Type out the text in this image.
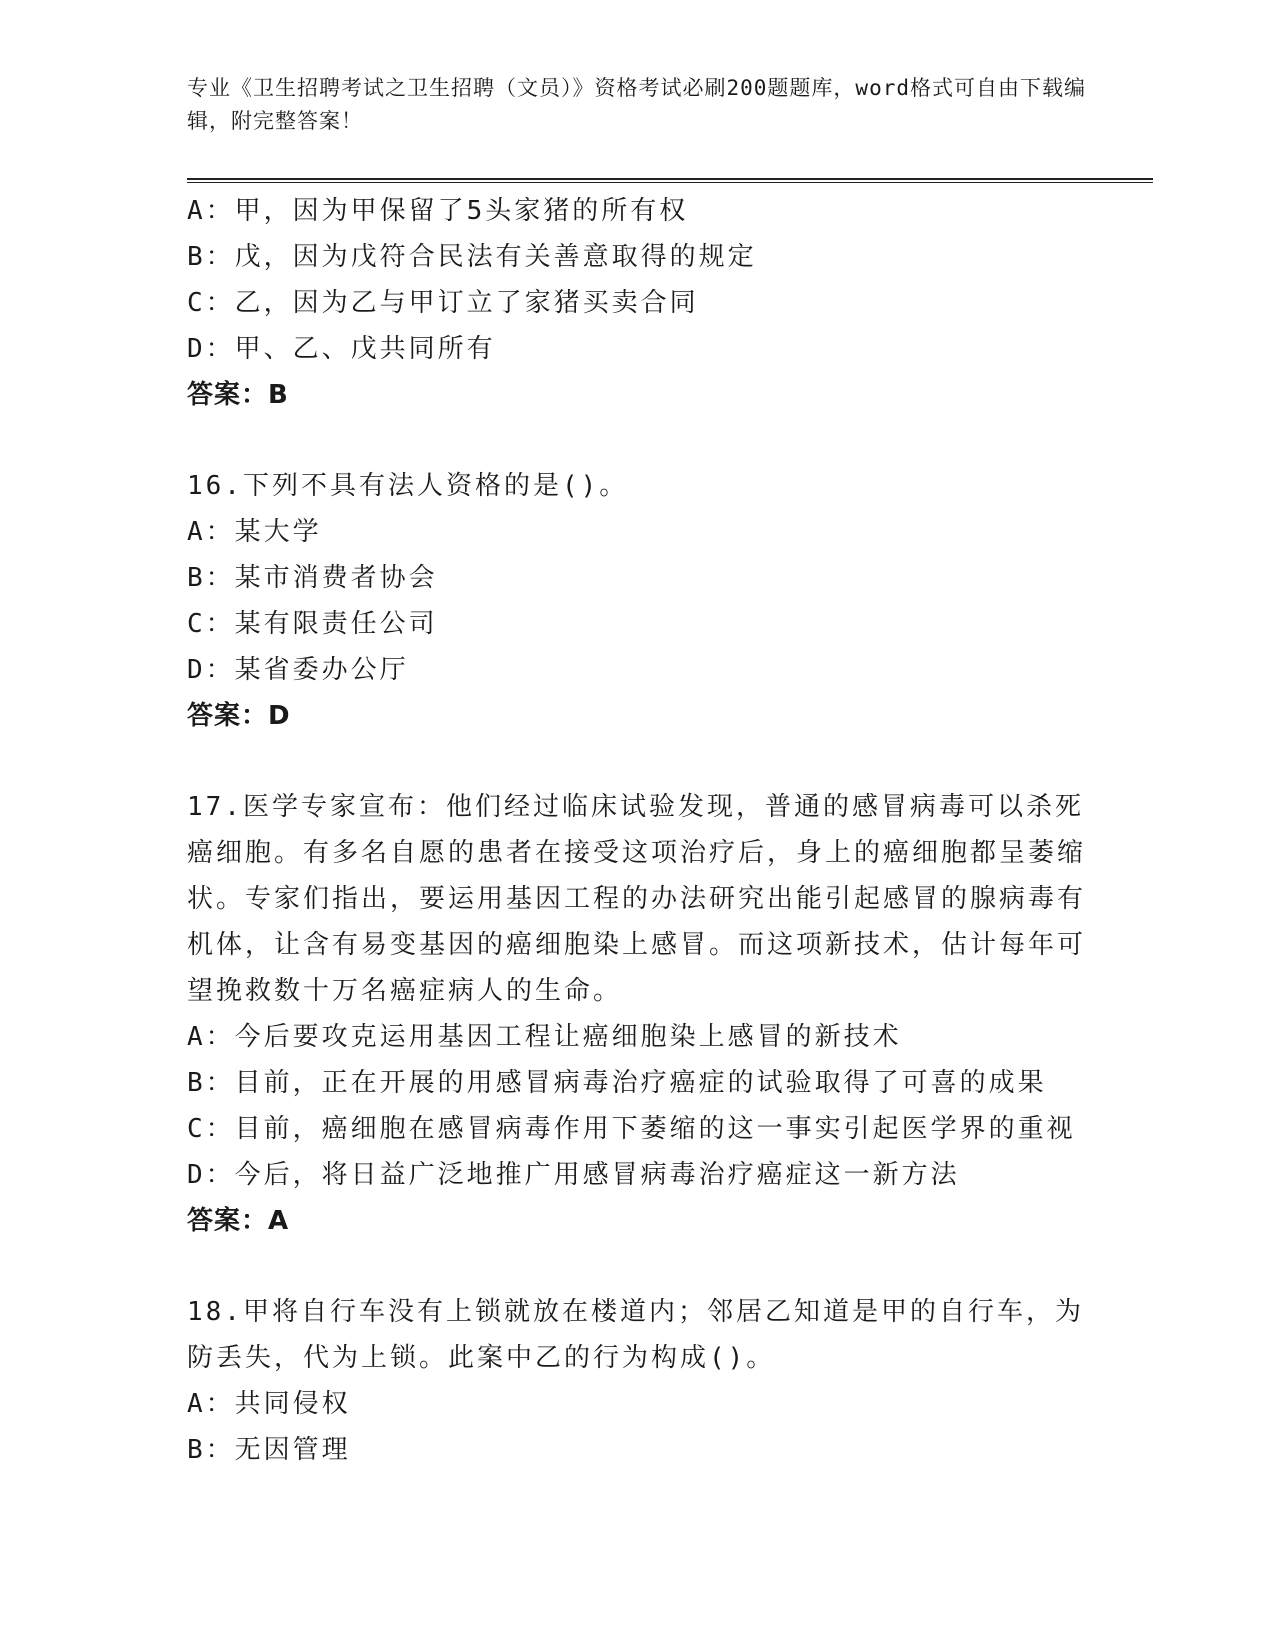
专业《卫生招聘考试之卫生招聘（文员）》资格考试必刷200题题库，word格式可自由下载编辑，附完整答案！
A：甲，因为甲保留了5头家猪的所有权
B：戊，因为戊符合民法有关善意取得的规定
C：乙，因为乙与甲订立了家猪买卖合同
D：甲、乙、戊共同所有
答案：B
16.下列不具有法人资格的是()。
A：某大学
B：某市消费者协会
C：某有限责任公司
D：某省委办公厅
答案：D
17.医学专家宣布：他们经过临床试验发现，普通的感冒病毒可以杀死癌细胞。有多名自愿的患者在接受这项治疗后，身上的癌细胞都呈萎缩状。专家们指出，要运用基因工程的办法研究出能引起感冒的腺病毒有机体，让含有易变基因的癌细胞染上感冒。而这项新技术，估计每年可望挽救数十万名癌症病人的生命。
A：今后要攻克运用基因工程让癌细胞染上感冒的新技术
B：目前，正在开展的用感冒病毒治疗癌症的试验取得了可喜的成果
C：目前，癌细胞在感冒病毒作用下萎缩的这一事实引起医学界的重视
D：今后，将日益广泛地推广用感冒病毒治疗癌症这一新方法
答案：A
18.甲将自行车没有上锁就放在楼道内；邻居乙知道是甲的自行车，为防丢失，代为上锁。此案中乙的行为构成()。
A：共同侵权
B：无因管理
